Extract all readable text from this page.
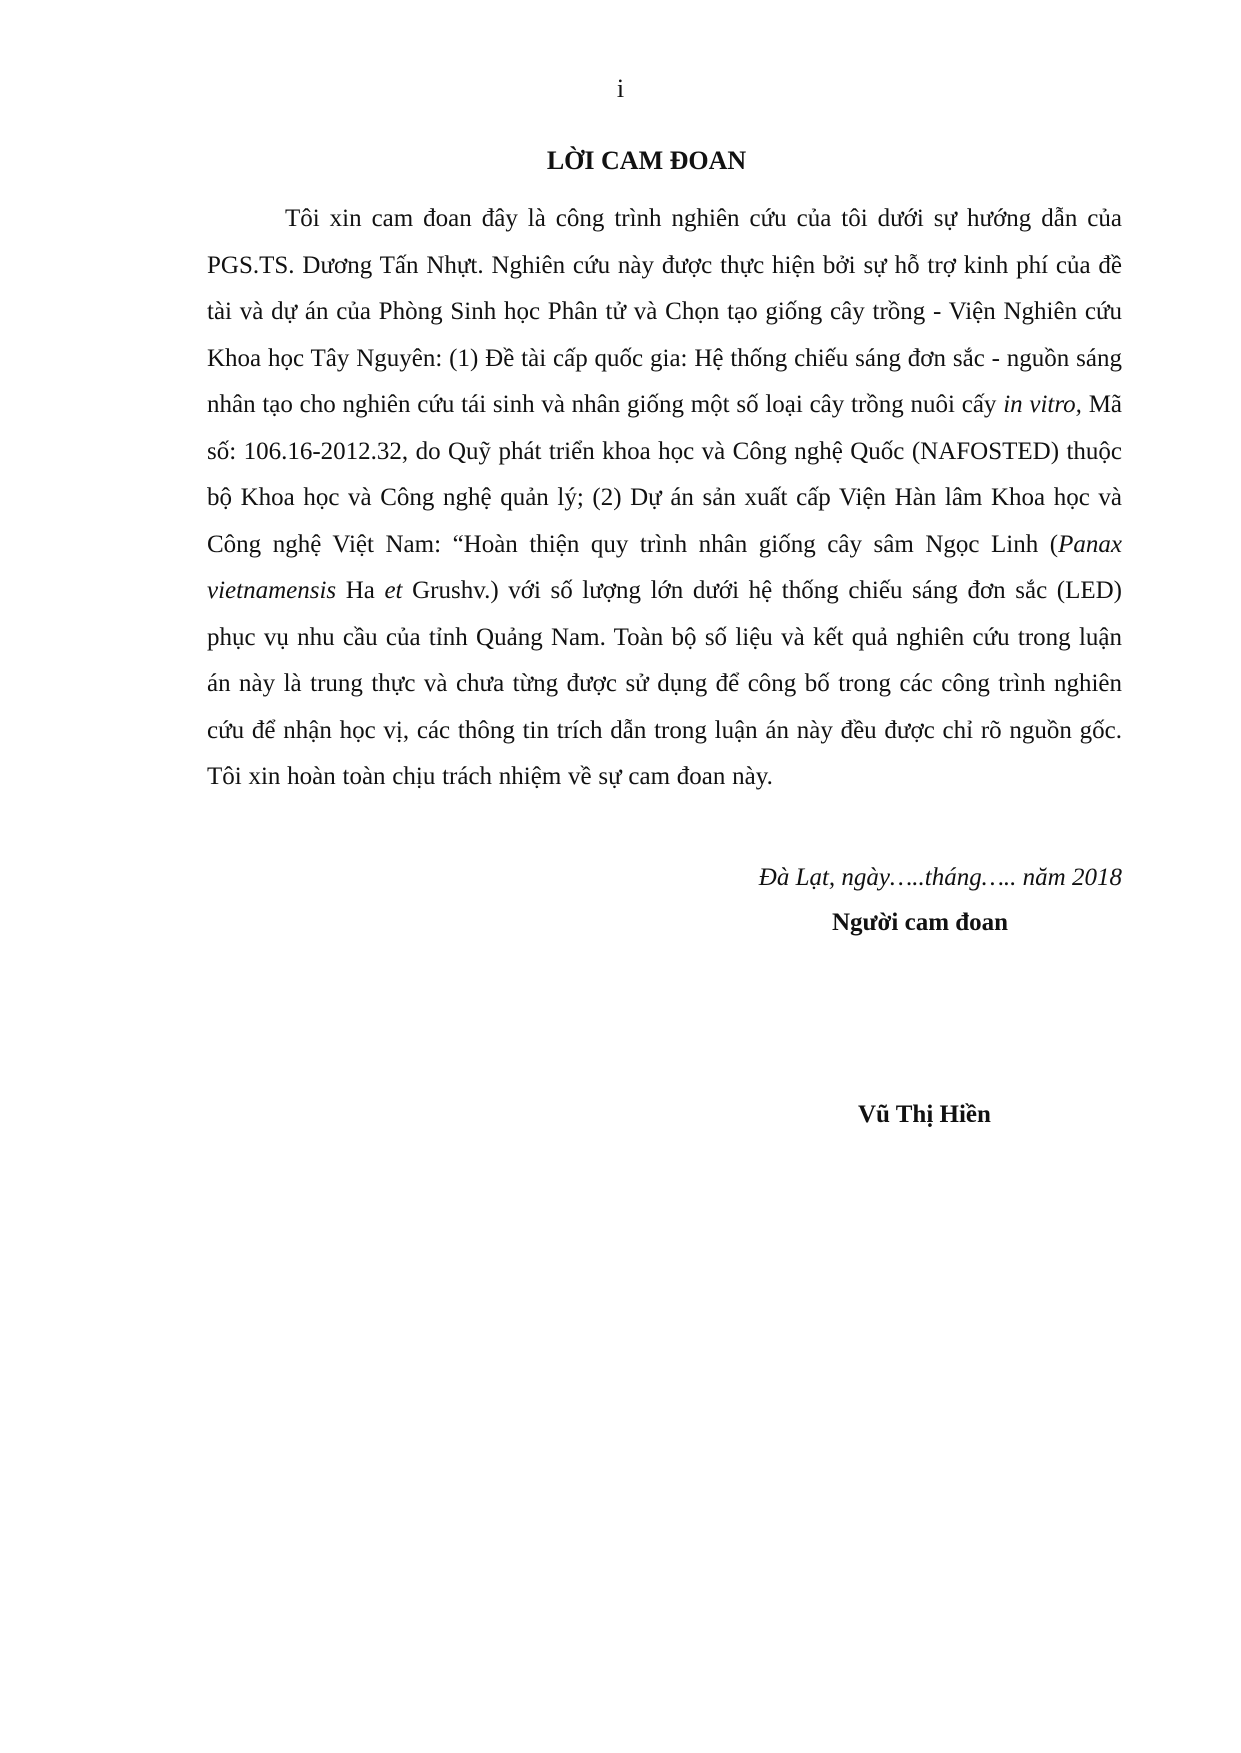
i
LỜI CAM ĐOAN

Tôi xin cam đoan đây là công trình nghiên cứu của tôi dưới sự hướng dẫn của PGS.TS. Dương Tấn Nhựt. Nghiên cứu này được thực hiện bởi sự hỗ trợ kinh phí của đề tài và dự án của Phòng Sinh học Phân tử và Chọn tạo giống cây trồng - Viện Nghiên cứu Khoa học Tây Nguyên: (1) Đề tài cấp quốc gia: Hệ thống chiếu sáng đơn sắc - nguồn sáng nhân tạo cho nghiên cứu tái sinh và nhân giống một số loại cây trồng nuôi cấy in vitro, Mã số: 106.16-2012.32, do Quỹ phát triển khoa học và Công nghệ Quốc (NAFOSTED) thuộc bộ Khoa học và Công nghệ quản lý; (2) Dự án sản xuất cấp Viện Hàn lâm Khoa học và Công nghệ Việt Nam: “Hoàn thiện quy trình nhân giống cây sâm Ngọc Linh (Panax vietnamensis Ha et Grushv.) với số lượng lớn dưới hệ thống chiếu sáng đơn sắc (LED) phục vụ nhu cầu của tỉnh Quảng Nam. Toàn bộ số liệu và kết quả nghiên cứu trong luận án này là trung thực và chưa từng được sử dụng để công bố trong các công trình nghiên cứu để nhận học vị, các thông tin trích dẫn trong luận án này đều được chỉ rõ nguồn gốc. Tôi xin hoàn toàn chịu trách nhiệm về sự cam đoan này.

Đà Lạt, ngày…..tháng….. năm 2018
Người cam đoan
Vũ Thị Hiền
